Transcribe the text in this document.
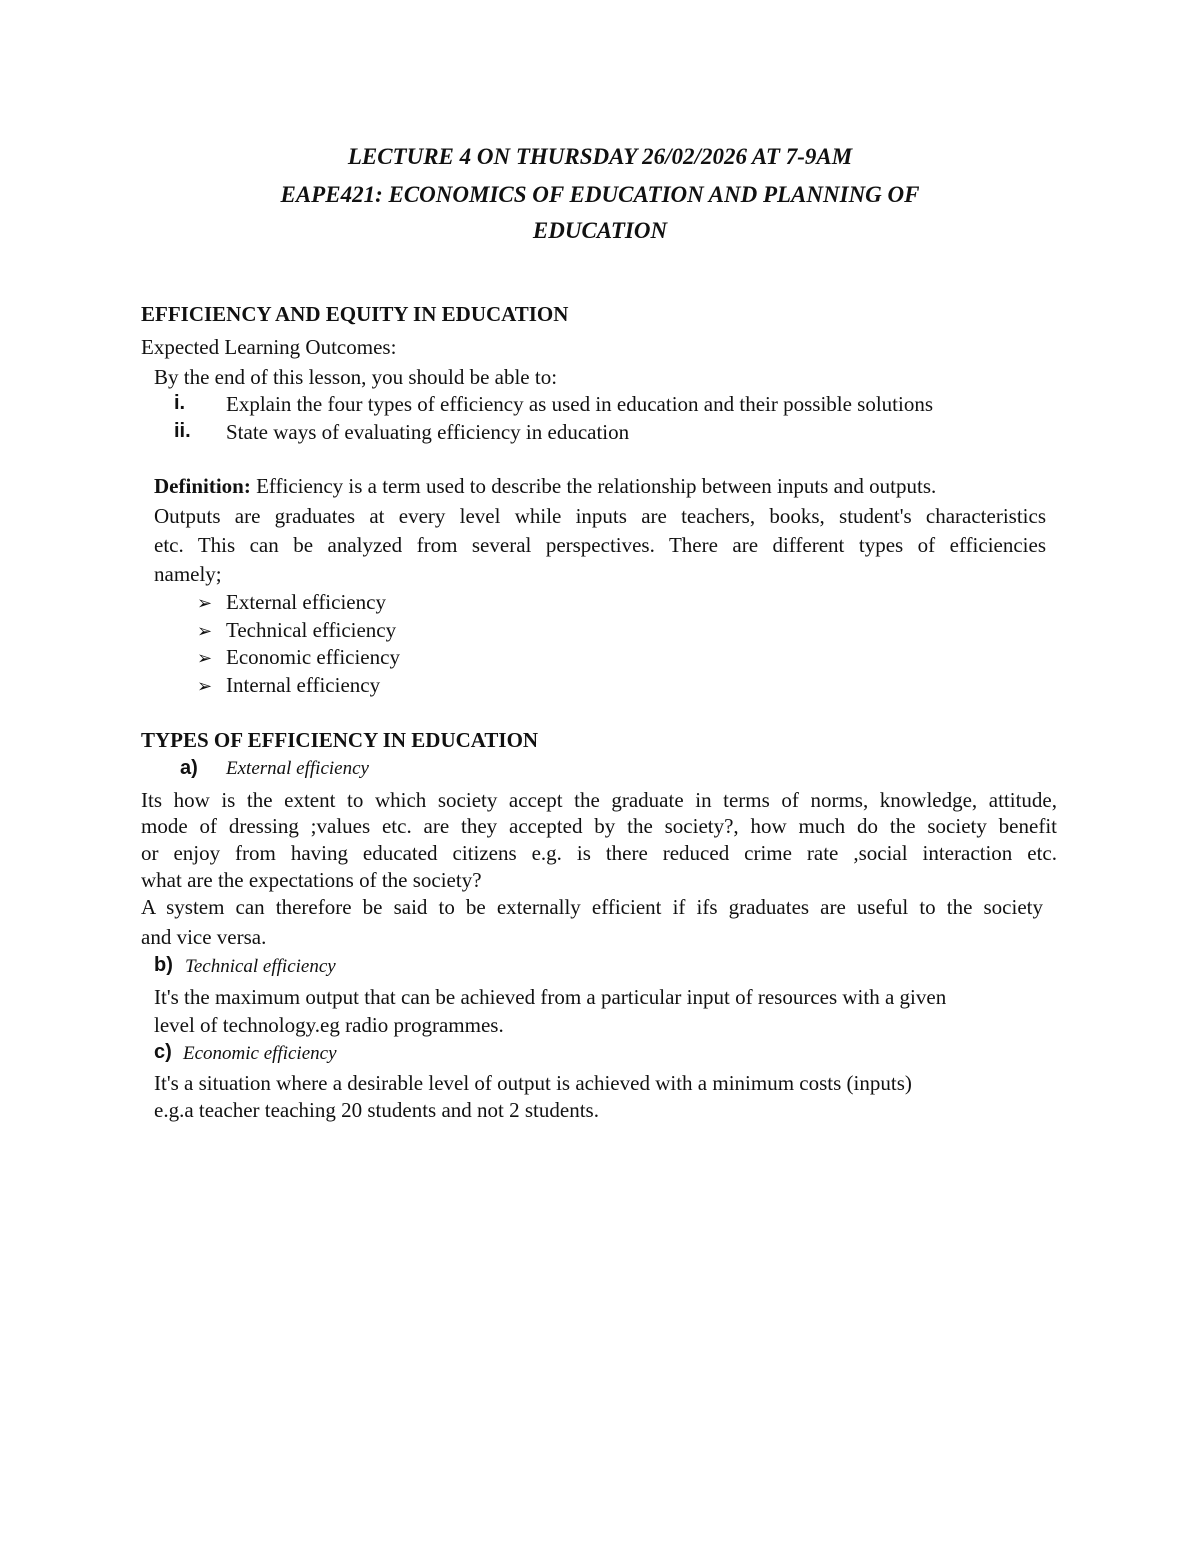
LECTURE 4 ON THURSDAY 26/02/2026 AT 7-9AM
EAPE421: ECONOMICS OF EDUCATION AND PLANNING OF
EDUCATION
EFFICIENCY AND EQUITY IN EDUCATION
Expected Learning Outcomes:
By the end of this lesson, you should be able to:
i. Explain the four types of efficiency as used in education and their possible solutions
ii. State ways of evaluating efficiency in education
Definition: Efficiency is a term used to describe the relationship between inputs and outputs.
Outputs are graduates at every level while inputs are teachers, books, student's characteristics
etc. This can be analyzed from several perspectives. There are different types of efficiencies
namely;
➢ External efficiency
➢ Technical efficiency
➢ Economic efficiency
➢ Internal efficiency
TYPES OF EFFICIENCY IN EDUCATION
a) External efficiency
Its how is the extent to which society accept the graduate in terms of norms, knowledge, attitude,
mode of dressing ;values etc. are they accepted by the society?, how much do the society benefit
or enjoy from having educated citizens e.g. is there reduced crime rate ,social interaction etc.
what are the expectations of the society?
A system can therefore be said to be externally efficient if ifs graduates are useful to the society
and vice versa.
b) Technical efficiency
It's the maximum output that can be achieved from a particular input of resources with a given
level of technology.eg radio programmes.
c) Economic efficiency
It's a situation where a desirable level of output is achieved with a minimum costs (inputs)
e.g.a teacher teaching 20 students and not 2 students.
